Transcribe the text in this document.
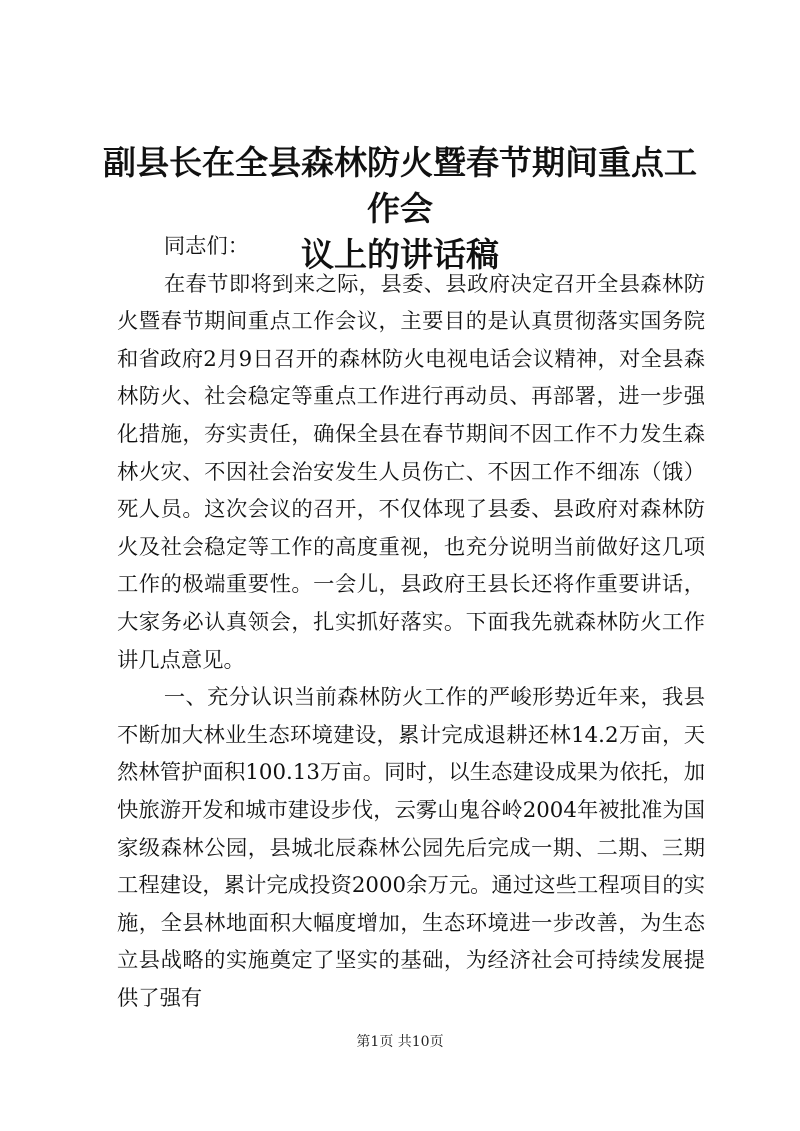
副县长在全县森林防火暨春节期间重点工作会
议上的讲话稿

同志们：

在春节即将到来之际，县委、县政府决定召开全县森林防火暨春节期间重点工作会议，主要目的是认真贯彻落实国务院和省政府2月9日召开的森林防火电视电话会议精神，对全县森林防火、社会稳定等重点工作进行再动员、再部署，进一步强化措施，夯实责任，确保全县在春节期间不因工作不力发生森林火灾、不因社会治安发生人员伤亡、不因工作不细冻（饿）死人员。这次会议的召开，不仅体现了县委、县政府对森林防火及社会稳定等工作的高度重视，也充分说明当前做好这几项工作的极端重要性。一会儿，县政府王县长还将作重要讲话，大家务必认真领会，扎实抓好落实。下面我先就森林防火工作讲几点意见。

一、充分认识当前森林防火工作的严峻形势近年来，我县不断加大林业生态环境建设，累计完成退耕还林14.2万亩，天然林管护面积100.13万亩。同时，以生态建设成果为依托，加快旅游开发和城市建设步伐，云雾山鬼谷岭2004年被批准为国家级森林公园，县城北辰森林公园先后完成一期、二期、三期工程建设，累计完成投资2000余万元。通过这些工程项目的实施，全县林地面积大幅度增加，生态环境进一步改善，为生态立县战略的实施奠定了坚实的基础，为经济社会可持续发展提供了强有

第1页 共10页
